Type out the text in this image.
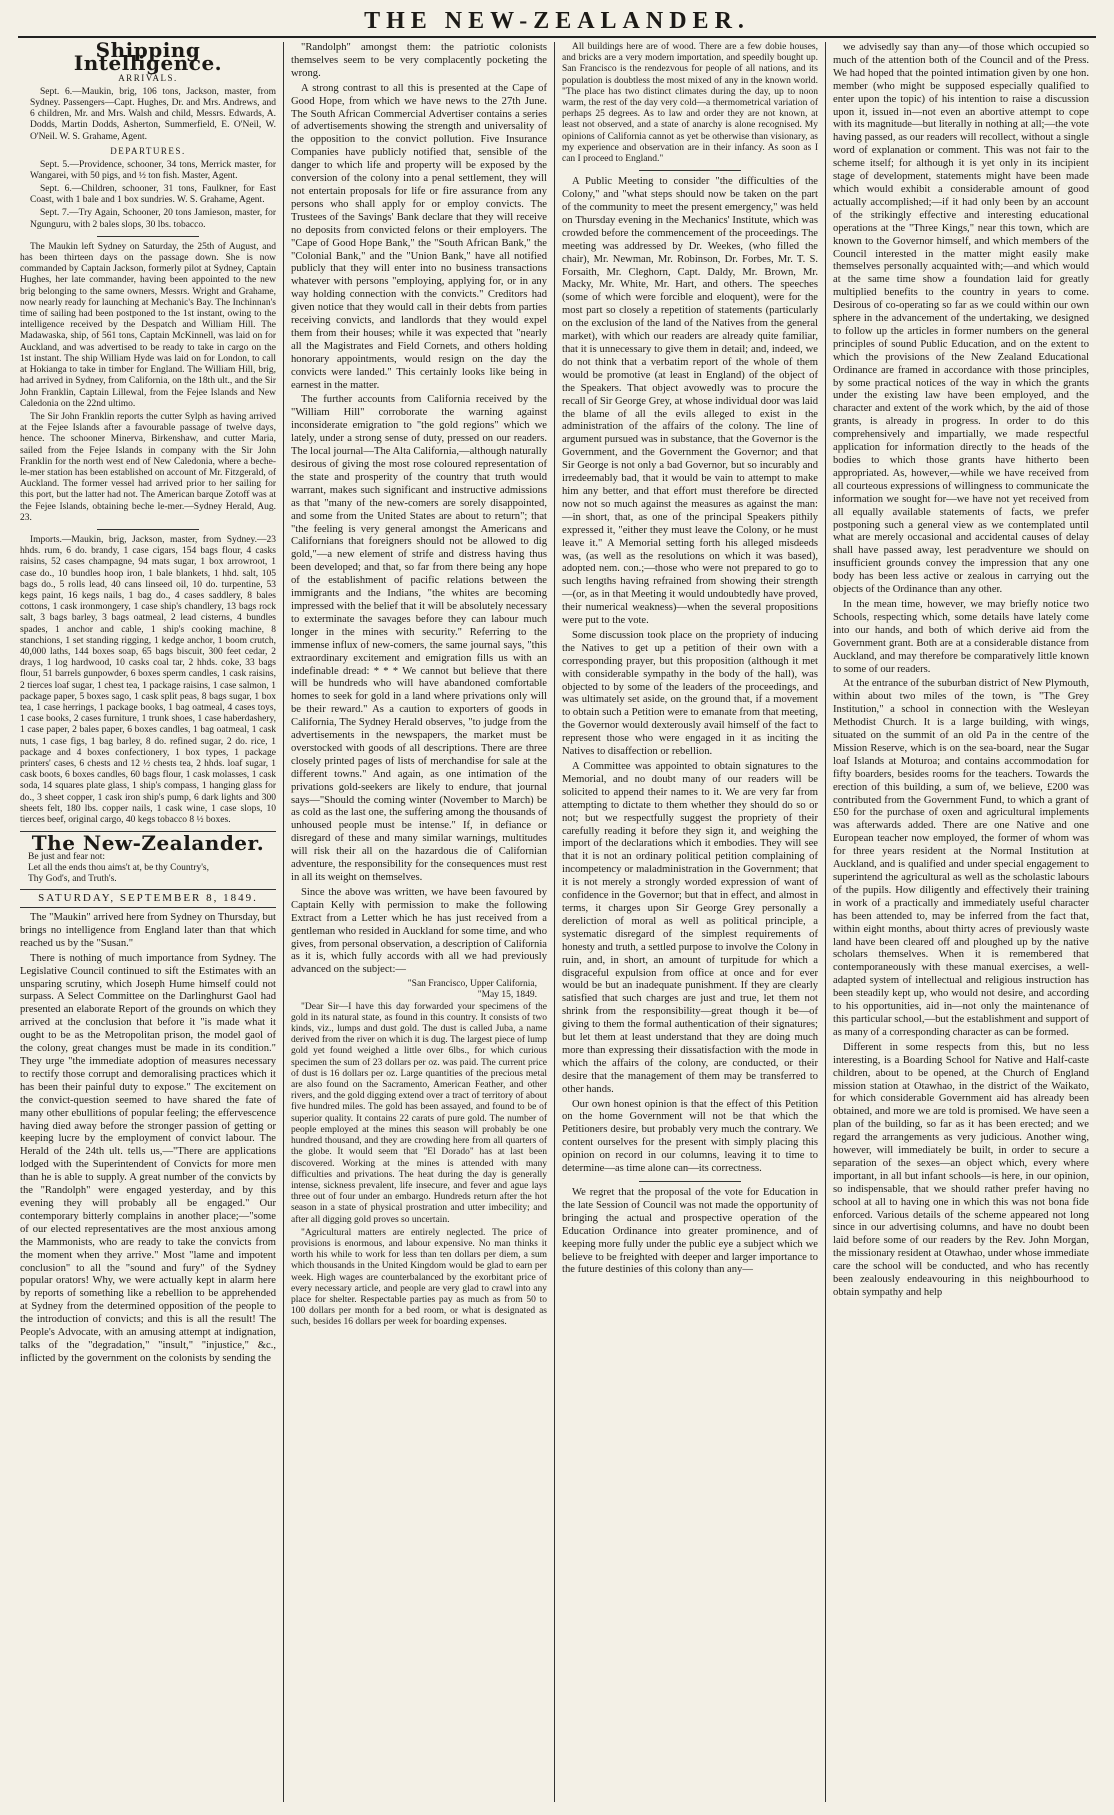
THE NEW-ZEALANDER.
Shipping Intelligence.
ARRIVALS.

Sept. 6.—Maukin, brig, 106 tons, Jackson, master, from Sydney. Passengers—Capt. Hughes, Dr. and Mrs. Andrews, and 6 children, Mr. and Mrs. Walsh and child, Messrs. Edwards, A. Dodds, Martin Dodds, Asherton, Summerfield, E. O'Neil, W. O'Neil. W. S. Grahame, Agent.

DEPARTURES.

Sept. 5.—Providence, schooner, 34 tons, Merrick master, for Wangarei, with 50 pigs, and ½ ton fish. Master, Agent.

Sept. 6.—Children, schooner, 31 tons, Faulkner, for East Coast, with 1 bale and 1 box sundries. W. S. Grahame, Agent.

Sept. 7.—Try Again, Schooner, 20 tons Jamieson, master, for Ngunguru, with 2 bales slops, 30 lbs. tobacco.

The Maukin left Sydney on Saturday, the 25th of August, and has been thirteen days on the passage down. She is now commanded by Captain Jackson, formerly pilot at Sydney, Captain Hughes, her late commander, having been appointed to the new brig belonging to the same owners, Messrs. Wright and Grahame, now nearly ready for launching at Mechanic's Bay. The Inchinnan's time of sailing had been postponed to the 1st instant, owing to the intelligence received by the Despatch and William Hill. The Madawaska, ship, of 561 tons, Captain McKinnell, was laid on for Auckland, and was advertised to be ready to take in cargo on the 1st instant. The ship William Hyde was laid on for London, to call at Hokianga to take in timber for England. The William Hill, brig, had arrived in Sydney, from California, on the 18th ult., and the Sir John Franklin, Captain Lillewal, from the Fejee Islands and New Caledonia on the 22nd ultimo.

The Sir John Franklin reports the cutter Sylph as having arrived at the Fejee Islands after a favourable passage of twelve days, hence. The schooner Minerva, Birkenshaw, and cutter Maria, sailed from the Fejee Islands in company with the Sir John Franklin for the north west end of New Caledonia, where a beche-le-mer station has been established on account of Mr. Fitzgerald, of Auckland. The former vessel had arrived prior to her sailing for this port, but the latter had not. The American barque Zotoff was at the Fejee Islands, obtaining beche le-mer.—Sydney Herald, Aug. 23.

Imports.—Maukin, brig, Jackson, master, from Sydney.—23 hhds. rum, 6 do. brandy, 1 case cigars, 154 bags flour, 4 casks raisins, 52 cases champagne, 94 mats sugar, 1 box arrowroot, 1 case do., 10 bundles hoop iron, 1 bale blankets, 1 hhd. salt, 105 bags do., 5 rolls lead, 40 cans linseed oil, 10 do. turpentine, 53 kegs paint, 16 kegs nails, 1 bag do., 4 cases saddlery, 8 bales cottons, 1 cask ironmongery, 1 case ship's chandlery, 13 bags rock salt, 3 bags barley, 3 bags oatmeal, 2 lead cisterns, 4 bundles spades, 1 anchor and cable, 1 ship's cooking machine, 8 stanchions, 1 set standing rigging, 1 kedge anchor, 1 boom crutch, 40,000 laths, 144 boxes soap, 65 bags biscuit, 300 feet cedar, 2 drays, 1 log hardwood, 10 casks coal tar, 2 hhds. coke, 33 bags flour, 51 barrels gunpowder, 6 boxes sperm candles, 1 cask raisins, 2 tierces loaf sugar, 1 chest tea, 1 package raisins, 1 case salmon, 1 package paper, 5 boxes sago, 1 cask split peas, 8 bags sugar, 1 box tea, 1 case herrings, 1 package books, 1 bag oatmeal, 4 cases toys, 1 case books, 2 cases furniture, 1 trunk shoes, 1 case haberdashery, 1 case paper, 2 bales paper, 6 boxes candles, 1 bag oatmeal, 1 cask nuts, 1 case figs, 1 bag barley, 8 do. refined sugar, 2 do. rice, 1 package and 4 boxes confectionery, 1 box types, 1 package printers' cases, 6 chests and 12 ½ chests tea, 2 hhds. loaf sugar, 1 cask boots, 6 boxes candles, 60 bags flour, 1 cask molasses, 1 cask soda, 14 squares plate glass, 1 ship's compass, 1 hanging glass for do., 3 sheet copper, 1 cask iron ship's pump, 6 dark lights and 300 sheets felt, 180 lbs. copper nails, 1 cask wine, 1 case slops, 10 tierces beef, original cargo, 40 kegs tobacco 8 ½ boxes.

The New-Zealander.
Be just and fear not:
Let all the ends thou aims't at, be thy Country's,
Thy God's, and Truth's.
SATURDAY, SEPTEMBER 8, 1849.

The "Maukin" arrived here from Sydney on Thursday, but brings no intelligence from England later than that which reached us by the "Susan."

There is nothing of much importance from Sydney. The Legislative Council continued to sift the Estimates with an unsparing scrutiny, which Joseph Hume himself could not surpass. A Select Committee on the Darlinghurst Gaol had presented an elaborate Report of the grounds on which they arrived at the conclusion that before it "is made what it ought to be as the Metropolitan prison, the model gaol of the colony, great changes must be made in its condition." They urge "the immediate adoption of measures necessary to rectify those corrupt and demoralising practices which it has been their painful duty to expose." The excitement on the convict-question seemed to have shared the fate of many other ebullitions of popular feeling; the effervescence having died away before the stronger passion of getting or keeping lucre by the employment of convict labour. The Herald of the 24th ult. tells us,—"There are applications lodged with the Superintendent of Convicts for more men than he is able to supply. A great number of the convicts by the "Randolph" were engaged yesterday, and by this evening they will probably all be engaged." Our contemporary bitterly complains in another place;—"some of our elected representatives are the most anxious among the Mammonists, who are ready to take the convicts from the moment when they arrive." Most "lame and impotent conclusion" to all the "sound and fury" of the Sydney popular orators! Why, we were actually kept in alarm here by reports of something like a rebellion to be apprehended at Sydney from the determined opposition of the people to the introduction of convicts; and this is all the result! The People's Advocate, with an amusing attempt at indignation, talks of the "degradation," "insult," "injustice," &c., inflicted by the government on the colonists by sending the

"Randolph" amongst them: the patriotic colonists themselves seem to be very complacently pocketing the wrong.

A strong contrast to all this is presented at the Cape of Good Hope, from which we have news to the 27th June. The South African Commercial Advertiser contains a series of advertisements showing the strength and universality of the opposition to the convict pollution. Five Insurance Companies have publicly notified that, sensible of the danger to which life and property will be exposed by the conversion of the colony into a penal settlement, they will not entertain proposals for life or fire assurance from any persons who shall apply for or employ convicts. The Trustees of the Savings' Bank declare that they will receive no deposits from convicted felons or their employers. The "Cape of Good Hope Bank," the "South African Bank," the "Colonial Bank," and the "Union Bank," have all notified publicly that they will enter into no business transactions whatever with persons "employing, applying for, or in any way holding connection with the convicts." Creditors had given notice that they would call in their debts from parties receiving convicts, and landlords that they would expel them from their houses; while it was expected that "nearly all the Magistrates and Field Cornets, and others holding honorary appointments, would resign on the day the convicts were landed." This certainly looks like being in earnest in the matter.

The further accounts from California received by the "William Hill" corroborate the warning against inconsiderate emigration to "the gold regions" which we lately, under a strong sense of duty, pressed on our readers. The local journal—The Alta California,—although naturally desirous of giving the most rose coloured representation of the state and prosperity of the country that truth would warrant, makes such significant and instructive admissions as that "many of the new-comers are sorely disappointed, and some from the United States are about to return"; that "the feeling is very general amongst the Americans and Californians that foreigners should not be allowed to dig gold,"—a new element of strife and distress having thus been developed; and that, so far from there being any hope of the establishment of pacific relations between the immigrants and the Indians, "the whites are becoming impressed with the belief that it will be absolutely necessary to exterminate the savages before they can labour much longer in the mines with security." Referring to the immense influx of new-comers, the same journal says, "this extraordinary excitement and emigration fills us with an indefinable dread: * * * We cannot but believe that there will be hundreds who will have abandoned comfortable homes to seek for gold in a land where privations only will be their reward." As a caution to exporters of goods in California, The Sydney Herald observes, "to judge from the advertisements in the newspapers, the market must be overstocked with goods of all descriptions. There are three closely printed pages of lists of merchandise for sale at the different towns." And again, as one intimation of the privations gold-seekers are likely to endure, that journal says—"Should the coming winter (November to March) be as cold as the last one, the suffering among the thousands of unhoused people must be intense." If, in defiance or disregard of these and many similar warnings, multitudes will risk their all on the hazardous die of Californian adventure, the responsibility for the consequences must rest in all its weight on themselves.

Since the above was written, we have been favoured by Captain Kelly with permission to make the following Extract from a Letter which he has just received from a gentleman who resided in Auckland for some time, and who gives, from personal observation, a description of California as it is, which fully accords with all we had previously advanced on the subject:—

"San Francisco, Upper California,
"May 15, 1849.

"Dear Sir—I have this day forwarded your specimens of the gold in its natural state, as found in this country. It consists of two kinds, viz., lumps and dust gold. The dust is called Juba, a name derived from the river on which it is dug. The largest piece of lump gold yet found weighed a little over 6lbs., for which curious specimen the sum of 23 dollars per oz. was paid. The current price of dust is 16 dollars per oz. Large quantities of the precious metal are also found on the Sacramento, American Feather, and other rivers, and the gold digging extend over a tract of territory of about five hundred miles. The gold has been assayed, and found to be of superior quality. It contains 22 carats of pure gold. The number of people employed at the mines this season will probably be one hundred thousand, and they are crowding here from all quarters of the globe. It would seem that "El Dorado" has at last been discovered. Working at the mines is attended with many difficulties and privations. The heat during the day is generally intense, sickness prevalent, life insecure, and fever and ague lays three out of four under an embargo. Hundreds return after the hot season in a state of physical prostration and utter imbecility; and after all digging gold proves so uncertain.

"Agricultural matters are entirely neglected. The price of provisions is enormous, and labour expensive. No man thinks it worth his while to work for less than ten dollars per diem, a sum which thousands in the United Kingdom would be glad to earn per week. High wages are counterbalanced by the exorbitant price of every necessary article, and people are very glad to crawl into any place for shelter. Respectable parties pay as much as from 50 to 100 dollars per month for a bed room, or what is designated as such, besides 16 dollars per week for boarding expenses.

All buildings here are of wood. There are a few dobie houses, and bricks are a very modern importation, and speedily bought up. San Francisco is the rendezvous for people of all nations, and its population is doubtless the most mixed of any in the known world. "The place has two distinct climates during the day, up to noon warm, the rest of the day very cold—a thermometrical variation of perhaps 25 degrees. As to law and order they are not known, at least not observed, and a state of anarchy is alone recognised. My opinions of California cannot as yet be otherwise than visionary, as my experience and observation are in their infancy. As soon as I can I proceed to England."

A Public Meeting to consider "the difficulties of the Colony," and "what steps should now be taken on the part of the community to meet the present emergency," was held on Thursday evening in the Mechanics' Institute, which was crowded before the commencement of the proceedings. The meeting was addressed by Dr. Weekes, (who filled the chair), Mr. Newman, Mr. Robinson, Dr. Forbes, Mr. T. S. Forsaith, Mr. Cleghorn, Capt. Daldy, Mr. Brown, Mr. Macky, Mr. White, Mr. Hart, and others. The speeches (some of which were forcible and eloquent), were for the most part so closely a repetition of statements (particularly on the exclusion of the land of the Natives from the general market), with which our readers are already quite familiar, that it is unnecessary to give them in detail; and, indeed, we do not think that a verbatim report of the whole of them would be promotive (at least in England) of the object of the Speakers. That object avowedly was to procure the recall of Sir George Grey, at whose individual door was laid the blame of all the evils alleged to exist in the administration of the affairs of the colony. The line of argument pursued was in substance, that the Governor is the Government, and the Government the Governor; and that Sir George is not only a bad Governor, but so incurably and irredeemably bad, that it would be vain to attempt to make him any better, and that effort must therefore be directed now not so much against the measures as against the man:—in short, that, as one of the principal Speakers pithily expressed it, "either they must leave the Colony, or he must leave it." A Memorial setting forth his alleged misdeeds was, (as well as the resolutions on which it was based), adopted nem. con.;—those who were not prepared to go to such lengths having refrained from showing their strength—(or, as in that Meeting it would undoubtedly have proved, their numerical weakness)—when the several propositions were put to the vote.

Some discussion took place on the propriety of inducing the Natives to get up a petition of their own with a corresponding prayer, but this proposition (although it met with considerable sympathy in the body of the hall), was objected to by some of the leaders of the proceedings, and was ultimately set aside, on the ground that, if a movement to obtain such a Petition were to emanate from that meeting, the Governor would dexterously avail himself of the fact to represent those who were engaged in it as inciting the Natives to disaffection or rebellion.

A Committee was appointed to obtain signatures to the Memorial, and no doubt many of our readers will be solicited to append their names to it. We are very far from attempting to dictate to them whether they should do so or not; but we respectfully suggest the propriety of their carefully reading it before they sign it, and weighing the import of the declarations which it embodies. They will see that it is not an ordinary political petition complaining of incompetency or maladministration in the Government; that it is not merely a strongly worded expression of want of confidence in the Governor; but that in effect, and almost in terms, it charges upon Sir George Grey personally a dereliction of moral as well as political principle, a systematic disregard of the simplest requirements of honesty and truth, a settled purpose to involve the Colony in ruin, and, in short, an amount of turpitude for which a disgraceful expulsion from office at once and for ever would be but an inadequate punishment. If they are clearly satisfied that such charges are just and true, let them not shrink from the responsibility—great though it be—of giving to them the formal authentication of their signatures; but let them at least understand that they are doing much more than expressing their dissatisfaction with the mode in which the affairs of the colony, are conducted, or their desire that the management of them may be transferred to other hands.

Our own honest opinion is that the effect of this Petition on the home Government will not be that which the Petitioners desire, but probably very much the contrary. We content ourselves for the present with simply placing this opinion on record in our columns, leaving it to time to determine—as time alone can—its correctness.

We regret that the proposal of the vote for Education in the late Session of Council was not made the opportunity of bringing the actual and prospective operation of the Education Ordinance into greater prominence, and of keeping more fully under the public eye a subject which we believe to be freighted with deeper and larger importance to the future destinies of this colony than any—

we advisedly say than any—of those which occupied so much of the attention both of the Council and of the Press. We had hoped that the pointed intimation given by one hon. member (who might be supposed especially qualified to enter upon the topic) of his intention to raise a discussion upon it, issued in—not even an abortive attempt to cope with its magnitude—but literally in nothing at all;—the vote having passed, as our readers will recollect, without a single word of explanation or comment. This was not fair to the scheme itself; for although it is yet only in its incipient stage of development, statements might have been made which would exhibit a considerable amount of good actually accomplished;—if it had only been by an account of the strikingly effective and interesting educational operations at the "Three Kings," near this town, which are known to the Governor himself, and which members of the Council interested in the matter might easily make themselves personally acquainted with;—and which would at the same time show a foundation laid for greatly multiplied benefits to the country in years to come. Desirous of co-operating so far as we could within our own sphere in the advancement of the undertaking, we designed to follow up the articles in former numbers on the general principles of sound Public Education, and on the extent to which the provisions of the New Zealand Educational Ordinance are framed in accordance with those principles, by some practical notices of the way in which the grants under the existing law have been employed, and the character and extent of the work which, by the aid of those grants, is already in progress. In order to do this comprehensively and impartially, we made respectful application for information directly to the heads of the bodies to which those grants have hitherto been appropriated. As, however,—while we have received from all courteous expressions of willingness to communicate the information we sought for—we have not yet received from all equally available statements of facts, we prefer postponing such a general view as we contemplated until what are merely occasional and accidental causes of delay shall have passed away, lest peradventure we should on insufficient grounds convey the impression that any one body has been less active or zealous in carrying out the objects of the Ordinance than any other.

In the mean time, however, we may briefly notice two Schools, respecting which, some details have lately come into our hands, and both of which derive aid from the Government grant. Both are at a considerable distance from Auckland, and may therefore be comparatively little known to some of our readers.

At the entrance of the suburban district of New Plymouth, within about two miles of the town, is "The Grey Institution," a school in connection with the Wesleyan Methodist Church. It is a large building, with wings, situated on the summit of an old Pa in the centre of the Mission Reserve, which is on the sea-board, near the Sugar loaf Islands at Moturoa; and contains accommodation for fifty boarders, besides rooms for the teachers. Towards the erection of this building, a sum of, we believe, £200 was contributed from the Government Fund, to which a grant of £50 for the purchase of oxen and agricultural implements was afterwards added. There are one Native and one European teacher now employed, the former of whom was for three years resident at the Normal Institution at Auckland, and is qualified and under special engagement to superintend the agricultural as well as the scholastic labours of the pupils. How diligently and effectively their training in work of a practically and immediately useful character has been attended to, may be inferred from the fact that, within eight months, about thirty acres of previously waste land have been cleared off and ploughed up by the native scholars themselves. When it is remembered that contemporaneously with these manual exercises, a well-adapted system of intellectual and religious instruction has been steadily kept up, who would not desire, and according to his opportunities, aid in—not only the maintenance of this particular school,—but the establishment and support of as many of a corresponding character as can be formed.

Different in some respects from this, but no less interesting, is a Boarding School for Native and Half-caste children, about to be opened, at the Church of England mission station at Otawhao, in the district of the Waikato, for which considerable Government aid has already been obtained, and more we are told is promised. We have seen a plan of the building, so far as it has been erected; and we regard the arrangements as very judicious. Another wing, however, will immediately be built, in order to secure a separation of the sexes—an object which, every where important, in all but infant schools—is here, in our opinion, so indispensable, that we should rather prefer having no school at all to having one in which this was not bona fide enforced. Various details of the scheme appeared not long since in our advertising columns, and have no doubt been laid before some of our readers by the Rev. John Morgan, the missionary resident at Otawhao, under whose immediate care the school will be conducted, and who has recently been zealously endeavouring in this neighbourhood to obtain sympathy and help
